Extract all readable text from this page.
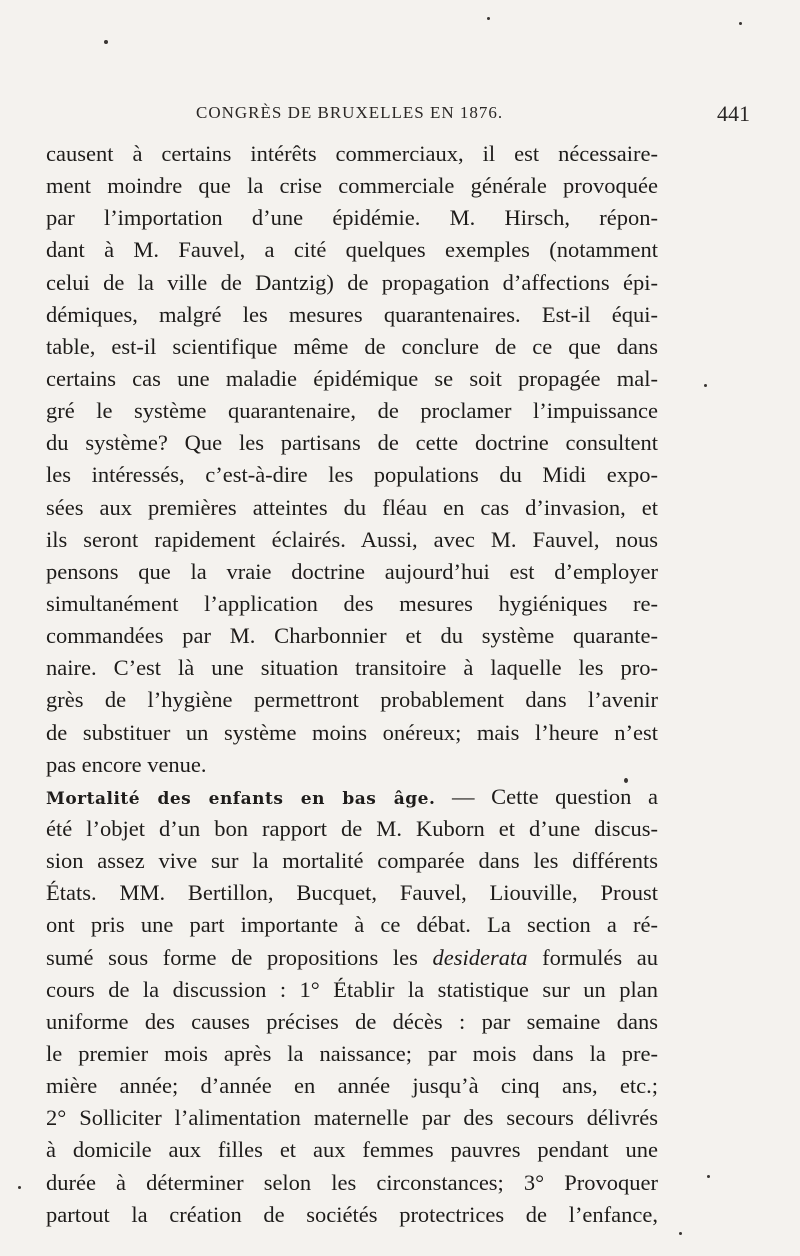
CONGRÈS DE BRUXELLES EN 1876.	441
causent à certains intérêts commerciaux, il est nécessaire-
ment moindre que la crise commerciale générale provoquée
par l’importation d’une épidémie. M. Hirsch, répon-
dant à M. Fauvel, a cité quelques exemples (notamment
celui de la ville de Dantzig) de propagation d’affections épi-
démiques, malgré les mesures quarantenaires. Est-il équi-
table, est-il scientifique même de conclure de ce que dans
certains cas une maladie épidémique se soit propagée mal-
gré le système quarantenaire, de proclamer l’impuissance
du système? Que les partisans de cette doctrine consultent
les intéressés, c’est-à-dire les populations du Midi expo-
sées aux premières atteintes du fléau en cas d’invasion, et
ils seront rapidement éclairés. Aussi, avec M. Fauvel, nous
pensons que la vraie doctrine aujourd’hui est d’employer
simultanément l’application des mesures hygiéniques re-
commandées par M. Charbonnier et du système quarante-
naire. C’est là une situation transitoire à laquelle les pro-
grès de l’hygiène permettront probablement dans l’avenir
de substituer un système moins onéreux; mais l’heure n’est
pas encore venue.
Mortalité des enfants en bas âge. — Cette question a
été l’objet d’un bon rapport de M. Kuborn et d’une discus-
sion assez vive sur la mortalité comparée dans les différents
États. MM. Bertillon, Bucquet, Fauvel, Liouville, Proust
ont pris une part importante à ce débat. La section a ré-
sumé sous forme de propositions les desiderata formulés au
cours de la discussion : 1° Établir la statistique sur un plan
uniforme des causes précises de décès : par semaine dans
le premier mois après la naissance; par mois dans la pre-
mière année; d’année en année jusqu’à cinq ans, etc.;
2° Solliciter l’alimentation maternelle par des secours délivrés
à domicile aux filles et aux femmes pauvres pendant une
durée à déterminer selon les circonstances; 3° Provoquer
partout la création de sociétés protectrices de l’enfance,
